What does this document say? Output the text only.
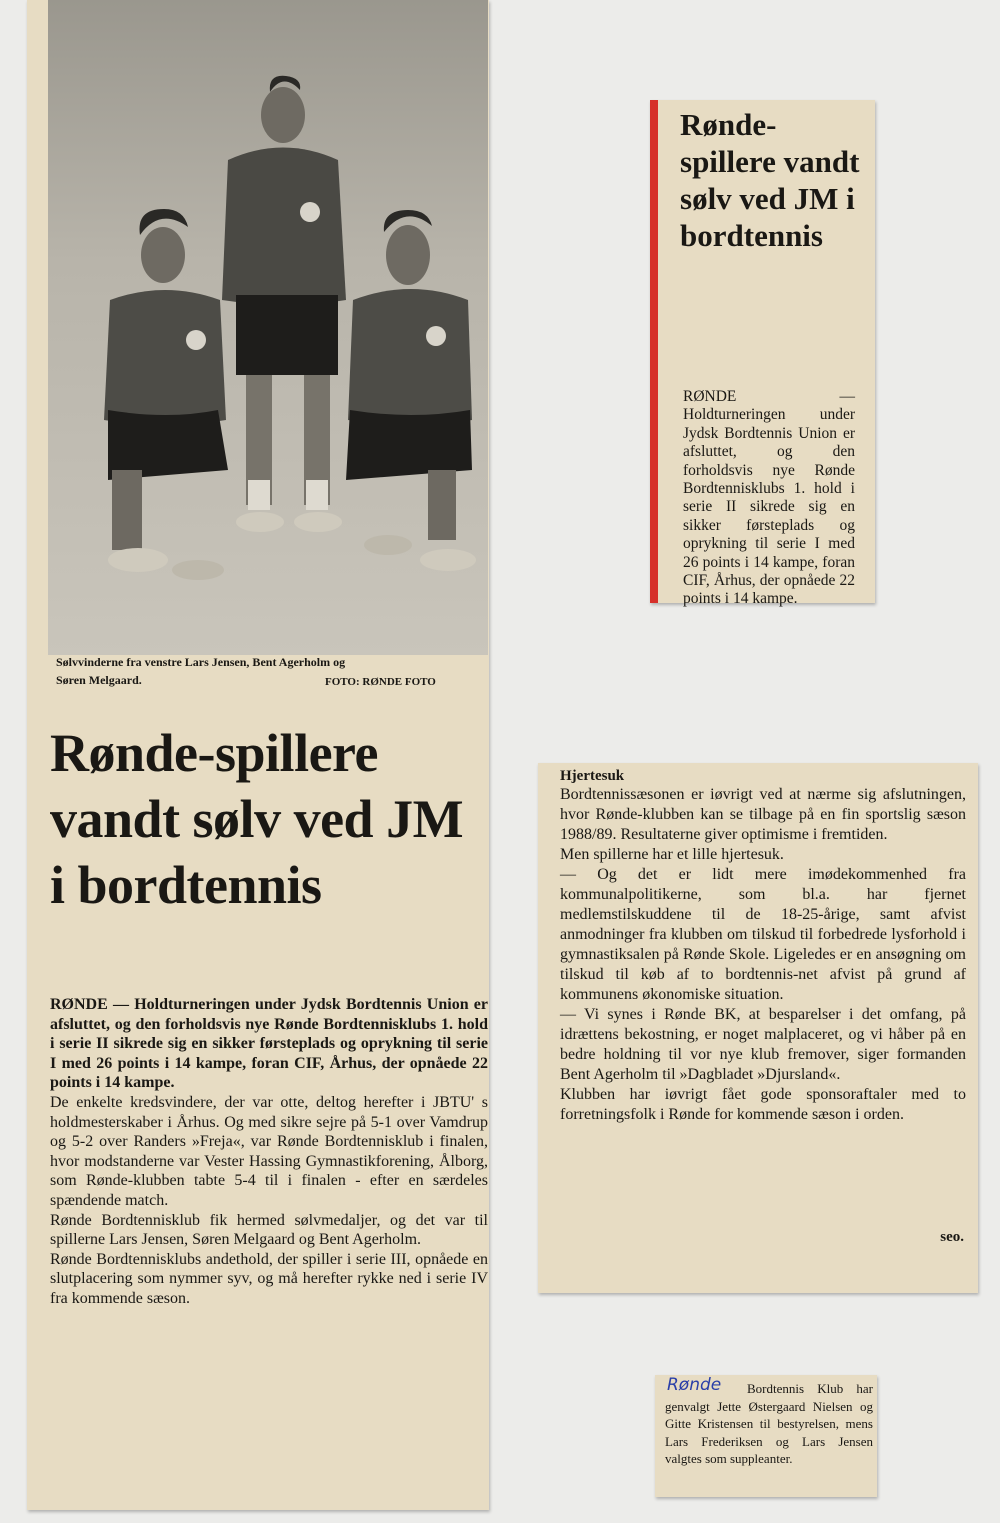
Sølvvinderne fra venstre Lars Jensen, Bent Agerholm og
Søren Melgaard.	FOTO: RØNDE FOTO
Rønde-spillere vandt sølv ved JM i bordtennis

RØNDE — Holdturneringen under Jydsk Bordtennis Union er afsluttet, og den forholdsvis nye Rønde Bordtennisklubs 1. hold i serie II sikrede sig en sikker førsteplads og oprykning til serie I med 26 points i 14 kampe, foran CIF, Århus, der opnåede 22 points i 14 kampe.

De enkelte kredsvindere, der var otte, deltog herefter i JBTU' s holdmesterskaber i Århus. Og med sikre sejre på 5-1 over Vamdrup og 5-2 over Randers »Freja«, var Rønde Bordtennisklub i finalen, hvor modstanderne var Vester Hassing Gymnastikforening, Ålborg, som Rønde-klubben tabte 5-4 til i finalen - efter en særdeles spændende match.

Rønde Bordtennisklub fik hermed sølvmedaljer, og det var til spillerne Lars Jensen, Søren Melgaard og Bent Agerholm.

Rønde Bordtennisklubs andethold, der spiller i serie III, opnåede en slutplacering som nymmer syv, og må herefter rykke ned i serie IV fra kommende sæson.

Rønde-spillere vandt sølv ved JM i bordtennis
RØNDE — Holdturneringen under Jydsk Bordtennis Union er afsluttet, og den forholdsvis nye Rønde Bordtennisklubs 1. hold i serie II sikrede sig en sikker førsteplads og oprykning til serie I med 26 points i 14 kampe, foran CIF, Århus, der opnåede 22 points i 14 kampe.
Hjertesuk

Bordtennissæsonen er iøvrigt ved at nærme sig afslutningen, hvor Rønde-klubben kan se tilbage på en fin sportslig sæson 1988/89. Resultaterne giver optimisme i fremtiden.

Men spillerne har et lille hjertesuk.

— Og det er lidt mere imødekommenhed fra kommunalpolitikerne, som bl.a. har fjernet medlemstilskuddene til de 18-25-årige, samt afvist anmodninger fra klubben om tilskud til forbedrede lysforhold i gymnastiksalen på Rønde Skole. Ligeledes er en ansøgning om tilskud til køb af to bordtennis-net afvist på grund af kommunens økonomiske situation.

— Vi synes i Rønde BK, at besparelser i det omfang, på idrættens bekostning, er noget malplaceret, og vi håber på en bedre holdning til vor nye klub fremover, siger formanden Bent Agerholm til »Dagbladet »Djursland«.

Klubben har iøvrigt fået gode sponsoraftaler med to forretningsfolk i Rønde for kommende sæson i orden.

seo.
Rønde	Bordtennis Klub har genvalgt Jette Østergaard Nielsen og Gitte Kristensen til bestyrelsen, mens Lars Frederiksen og Lars Jensen valgtes som suppleanter.
